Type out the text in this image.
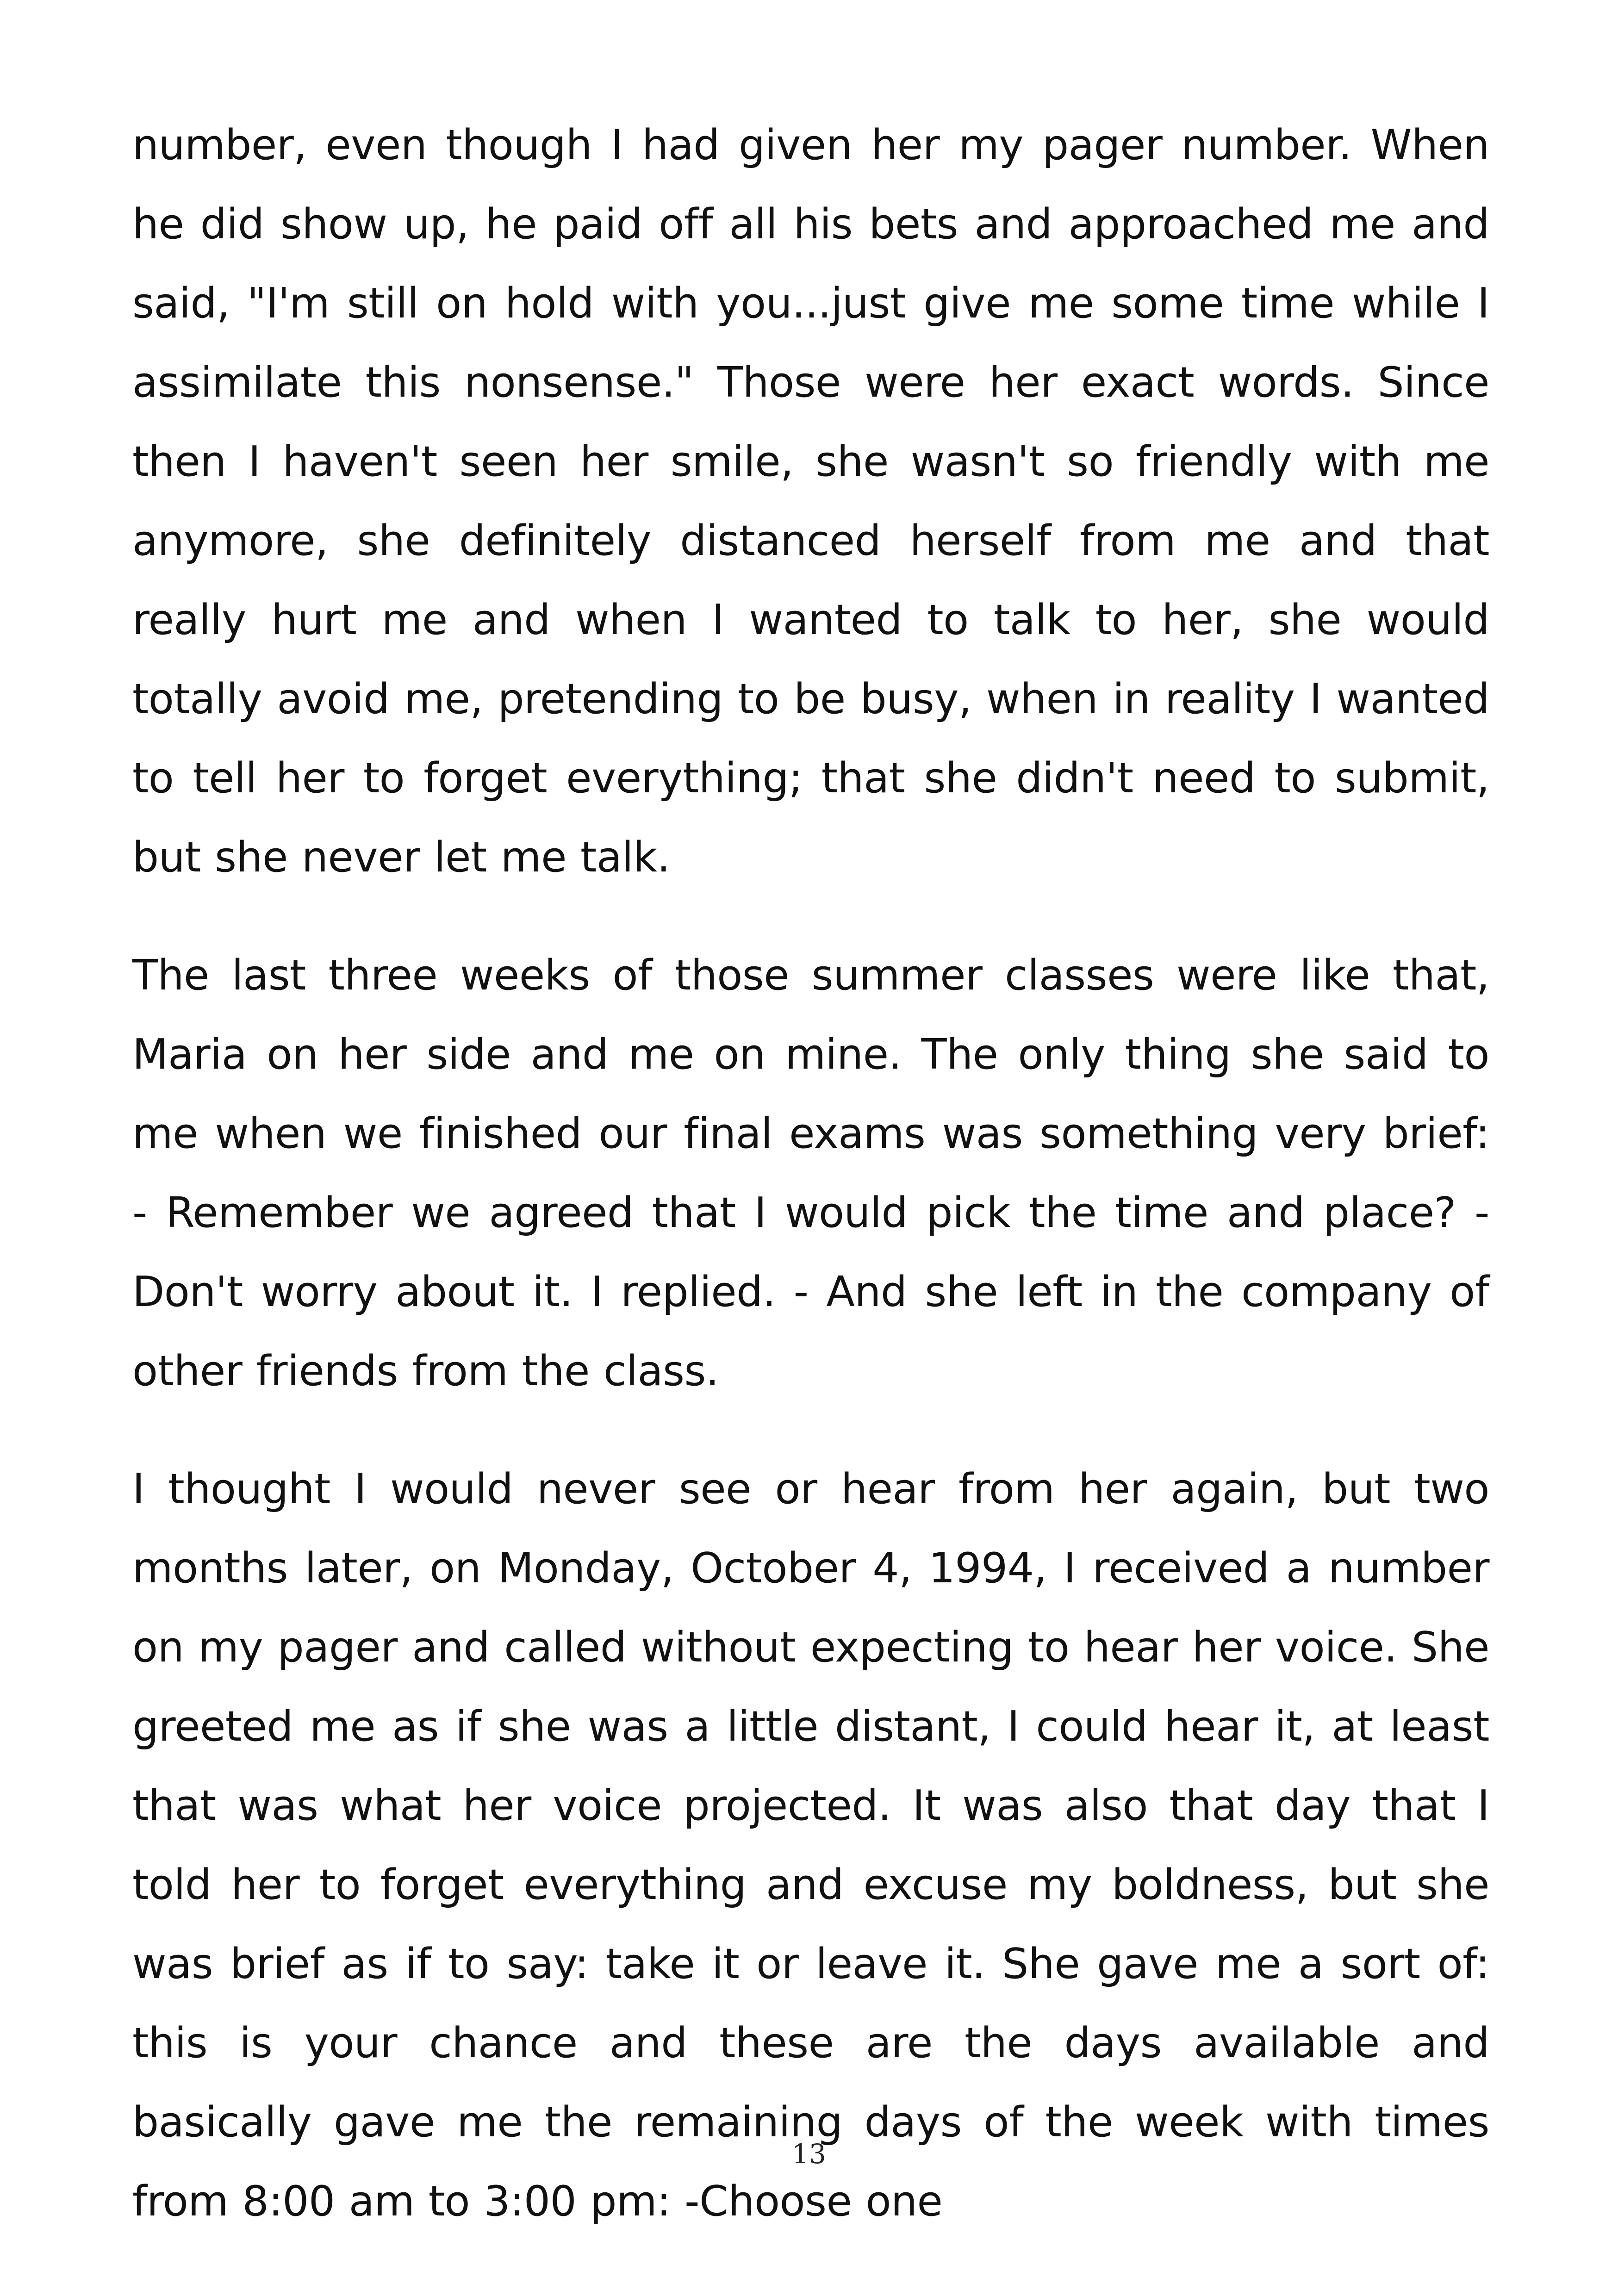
number, even though I had given her my pager number. When he did show up, he paid off all his bets and approached me and said, "I'm still on hold with you...just give me some time while I assimilate this nonsense." Those were her exact words. Since then I haven't seen her smile, she wasn't so friendly with me anymore, she definitely distanced herself from me and that really hurt me and when I wanted to talk to her, she would totally avoid me, pretending to be busy, when in reality I wanted to tell her to forget everything; that she didn't need to submit, but she never let me talk.

The last three weeks of those summer classes were like that, Maria on her side and me on mine. The only thing she said to me when we finished our final exams was something very brief: - Remember we agreed that I would pick the time and place? - Don't worry about it. I replied. - And she left in the company of other friends from the class.

I thought I would never see or hear from her again, but two months later, on Monday, October 4, 1994, I received a number on my pager and called without expecting to hear her voice. She greeted me as if she was a little distant, I could hear it, at least that was what her voice projected. It was also that day that I told her to forget everything and excuse my boldness, but she was brief as if to say: take it or leave it. She gave me a sort of: this is your chance and these are the days available and basically gave me the remaining days of the week with times from 8:00 am to 3:00 pm: -Choose one

13
